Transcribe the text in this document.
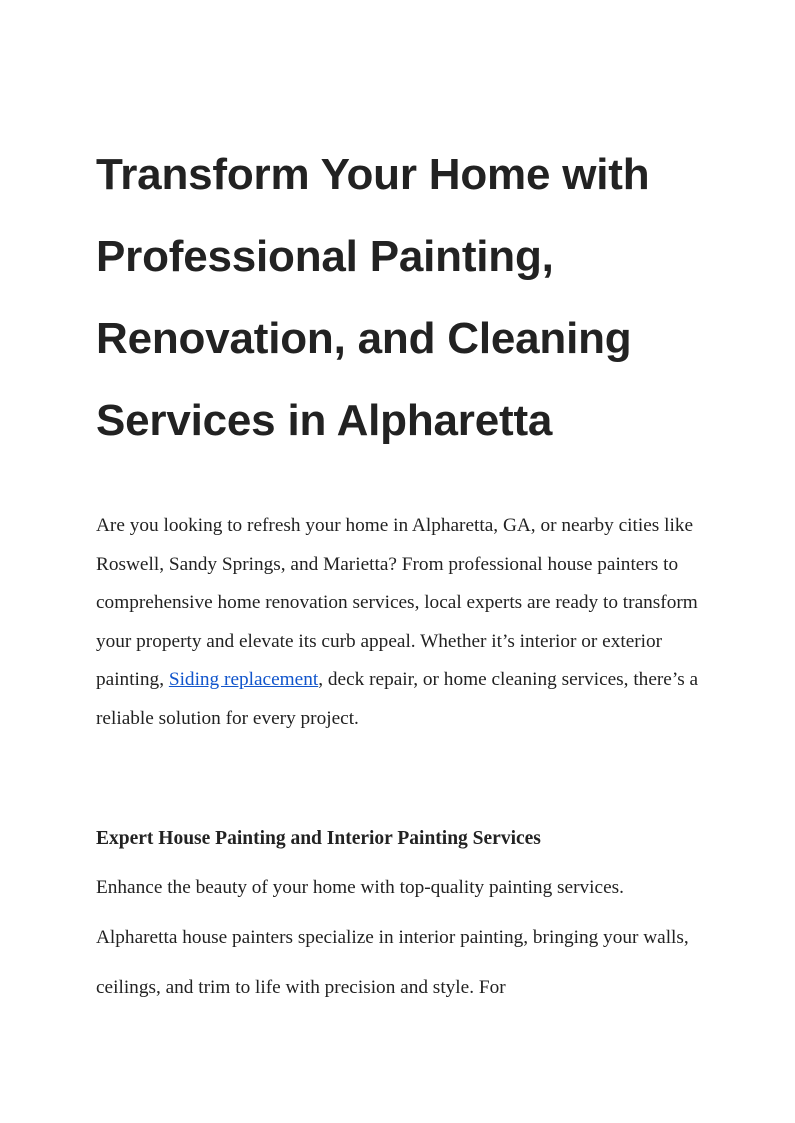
Transform Your Home with Professional Painting, Renovation, and Cleaning Services in Alpharetta

Are you looking to refresh your home in Alpharetta, GA, or nearby cities like Roswell, Sandy Springs, and Marietta? From professional house painters to comprehensive home renovation services, local experts are ready to transform your property and elevate its curb appeal. Whether it’s interior or exterior painting, Siding replacement, deck repair, or home cleaning services, there’s a reliable solution for every project.

Expert House Painting and Interior Painting Services

Enhance the beauty of your home with top-quality painting services. Alpharetta house painters specialize in interior painting, bringing your walls, ceilings, and trim to life with precision and style. For
